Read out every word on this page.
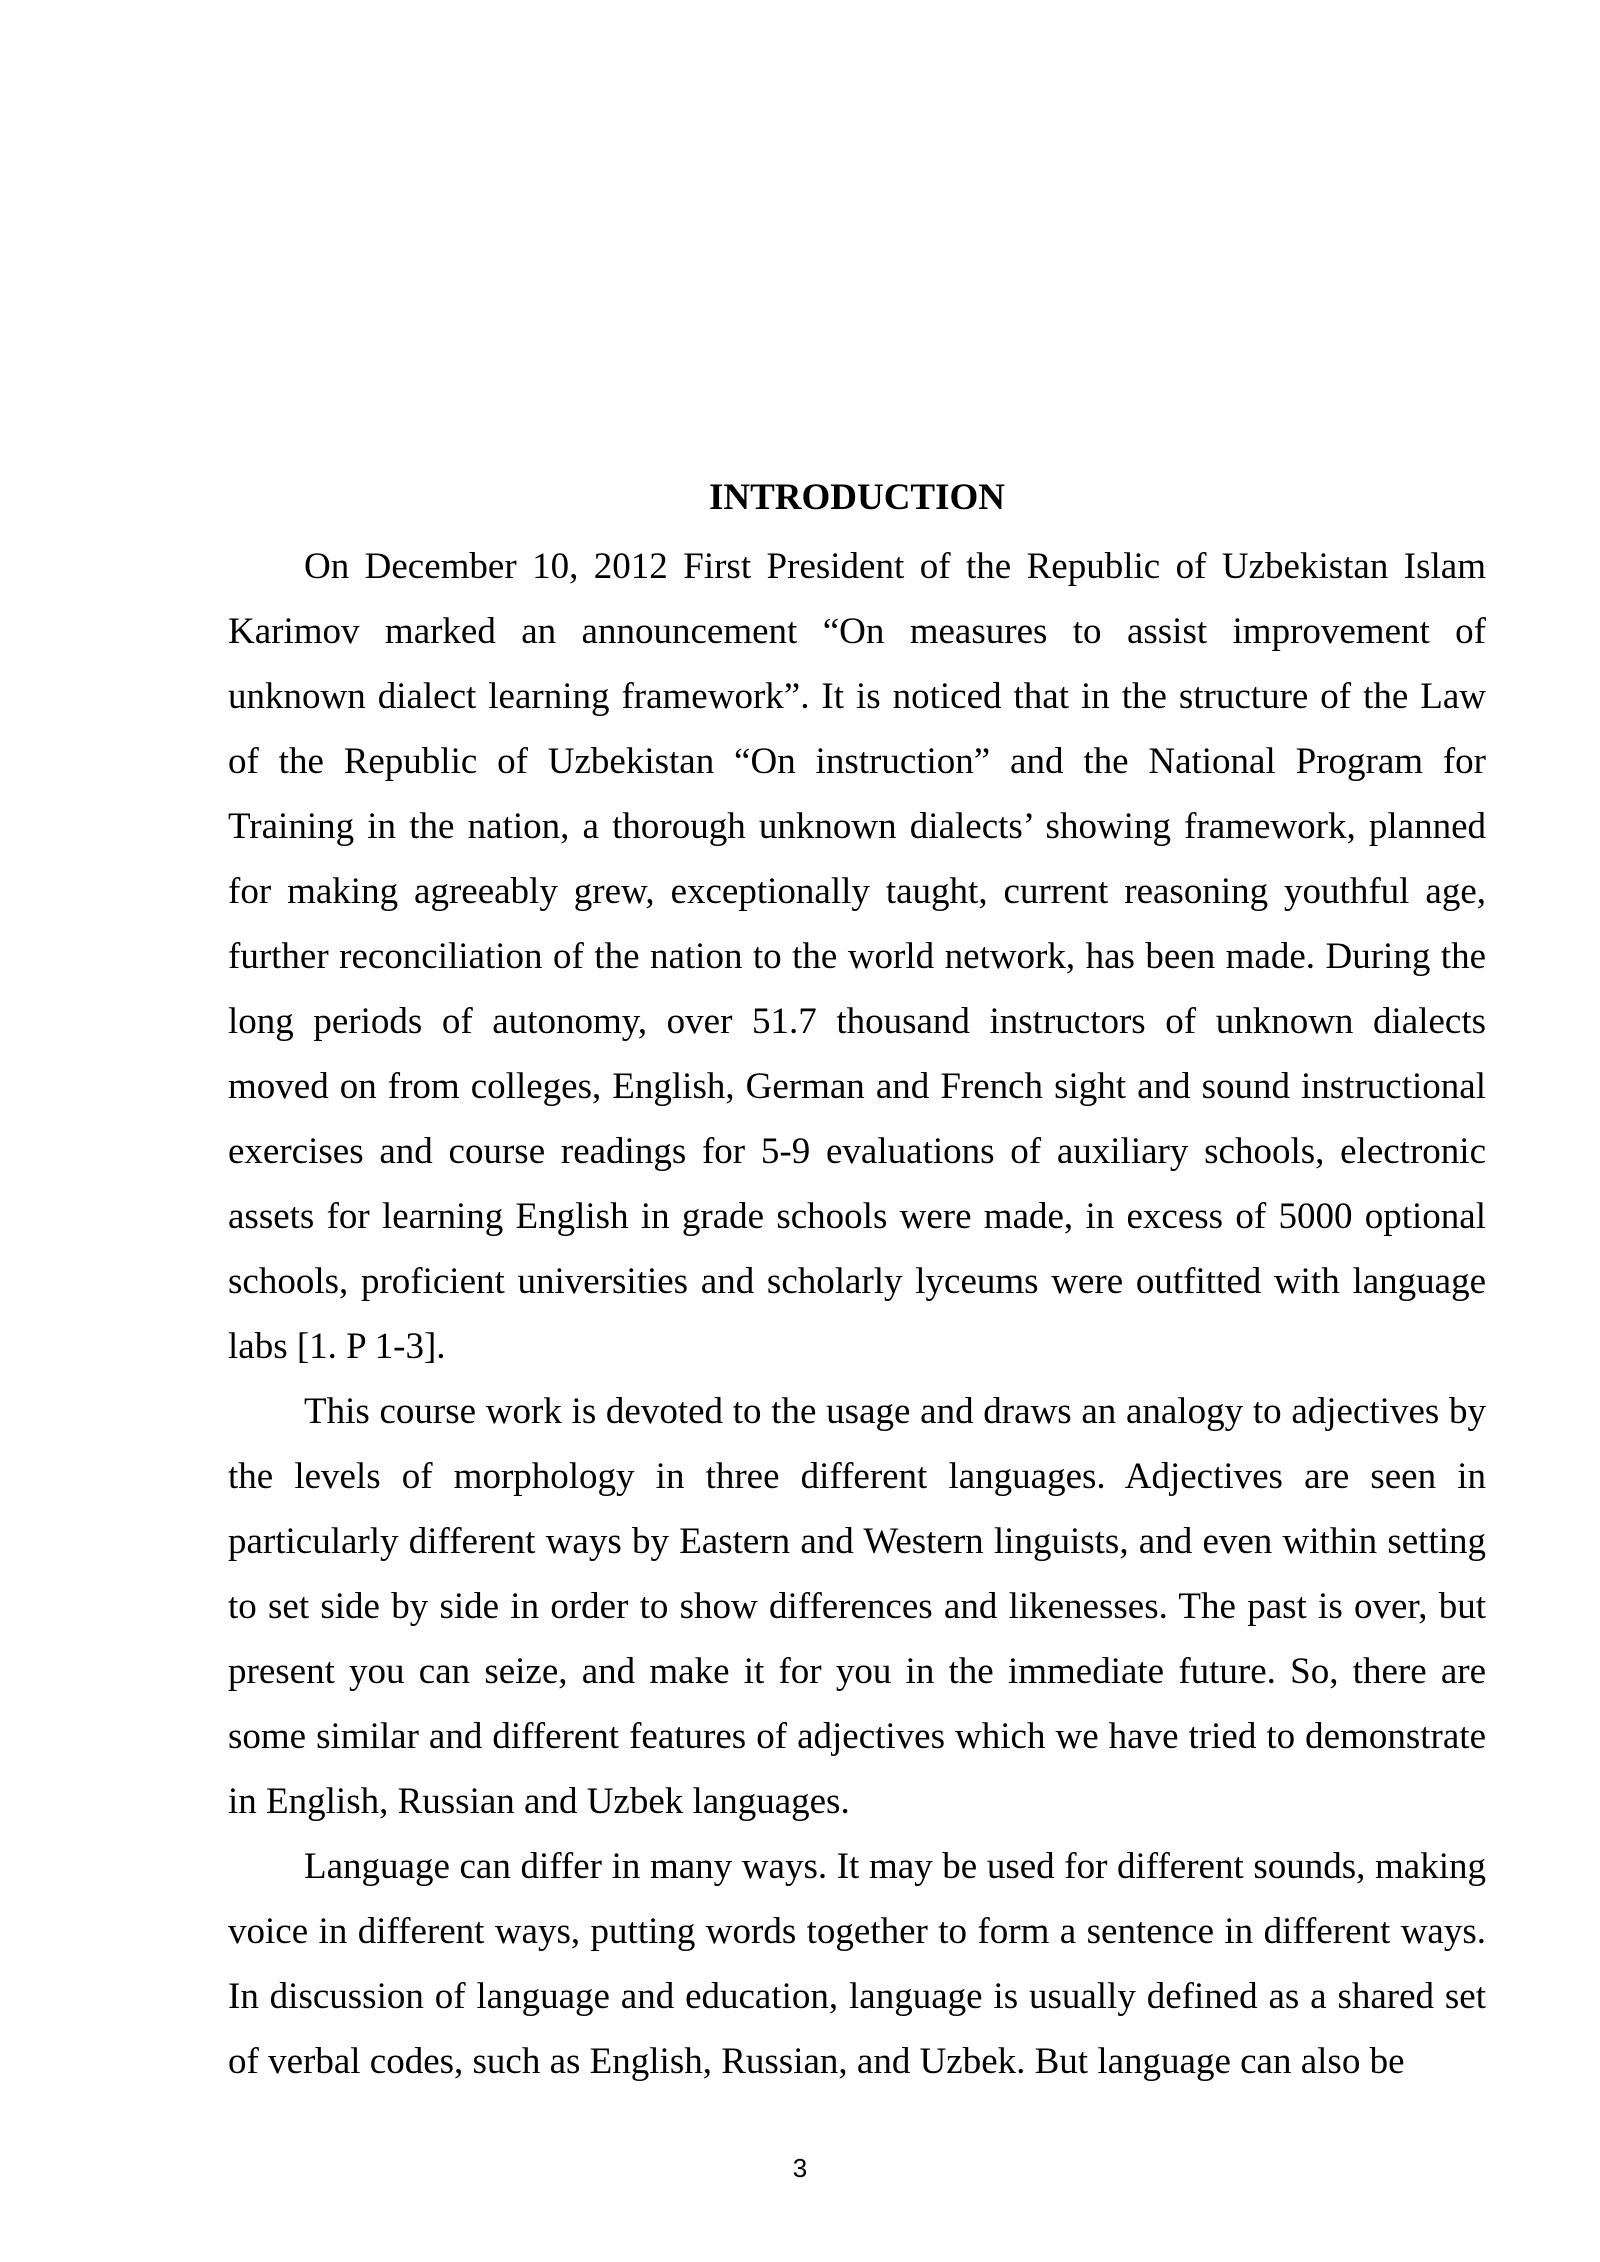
INTRODUCTION

On December 10, 2012 First President of the Republic of Uzbekistan Islam Karimov marked an announcement “On measures to assist improvement of unknown dialect learning framework”. It is noticed that in the structure of the Law of the Republic of Uzbekistan “On instruction” and the National Program for Training in the nation, a thorough unknown dialects’ showing framework, planned for making agreeably grew, exceptionally taught, current reasoning youthful age, further reconciliation of the nation to the world network, has been made. During the long periods of autonomy, over 51.7 thousand instructors of unknown dialects moved on from colleges, English, German and French sight and sound instructional exercises and course readings for 5-9 evaluations of auxiliary schools, electronic assets for learning English in grade schools were made, in excess of 5000 optional schools, proficient universities and scholarly lyceums were outfitted with language labs [1. P 1-3].

This course work is devoted to the usage and draws an analogy to adjectives by the levels of morphology in three different languages. Adjectives are seen in particularly different ways by Eastern and Western linguists, and even within setting to set side by side in order to show differences and likenesses. The past is over, but present you can seize, and make it for you in the immediate future. So, there are some similar and different features of adjectives which we have tried to demonstrate in English, Russian and Uzbek languages.

Language can differ in many ways. It may be used for different sounds, making voice in different ways, putting words together to form a sentence in different ways. In discussion of language and education, language is usually defined as a shared set of verbal codes, such as English, Russian, and Uzbek. But language can also be

3
